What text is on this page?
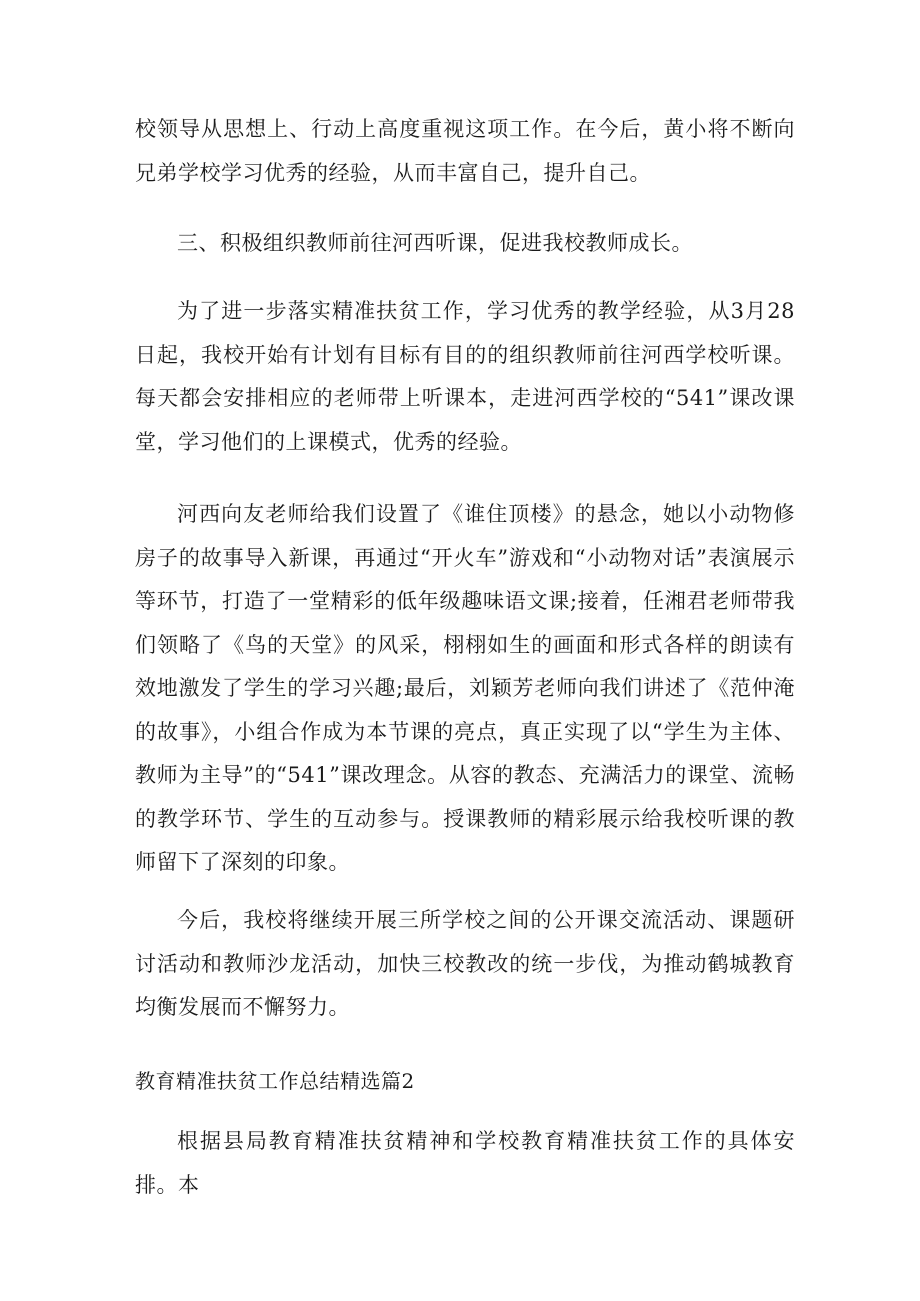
校领导从思想上、行动上高度重视这项工作。在今后，黄小将不断向兄弟学校学习优秀的经验，从而丰富自己，提升自己。

三、积极组织教师前往河西听课，促进我校教师成长。

为了进一步落实精准扶贫工作，学习优秀的教学经验，从3月28日起，我校开始有计划有目标有目的的组织教师前往河西学校听课。每天都会安排相应的老师带上听课本，走进河西学校的“541”课改课堂，学习他们的上课模式，优秀的经验。

河西向友老师给我们设置了《谁住顶楼》的悬念，她以小动物修房子的故事导入新课，再通过“开火车”游戏和“小动物对话”表演展示等环节，打造了一堂精彩的低年级趣味语文课;接着，任湘君老师带我们领略了《鸟的天堂》的风采，栩栩如生的画面和形式各样的朗读有效地激发了学生的学习兴趣;最后，刘颖芳老师向我们讲述了《范仲淹的故事》，小组合作成为本节课的亮点，真正实现了以“学生为主体、教师为主导”的“541”课改理念。从容的教态、充满活力的课堂、流畅的教学环节、学生的互动参与。授课教师的精彩展示给我校听课的教师留下了深刻的印象。

今后，我校将继续开展三所学校之间的公开课交流活动、课题研讨活动和教师沙龙活动，加快三校教改的统一步伐，为推动鹤城教育均衡发展而不懈努力。

教育精准扶贫工作总结精选篇2

根据县局教育精准扶贫精神和学校教育精准扶贫工作的具体安排。本
